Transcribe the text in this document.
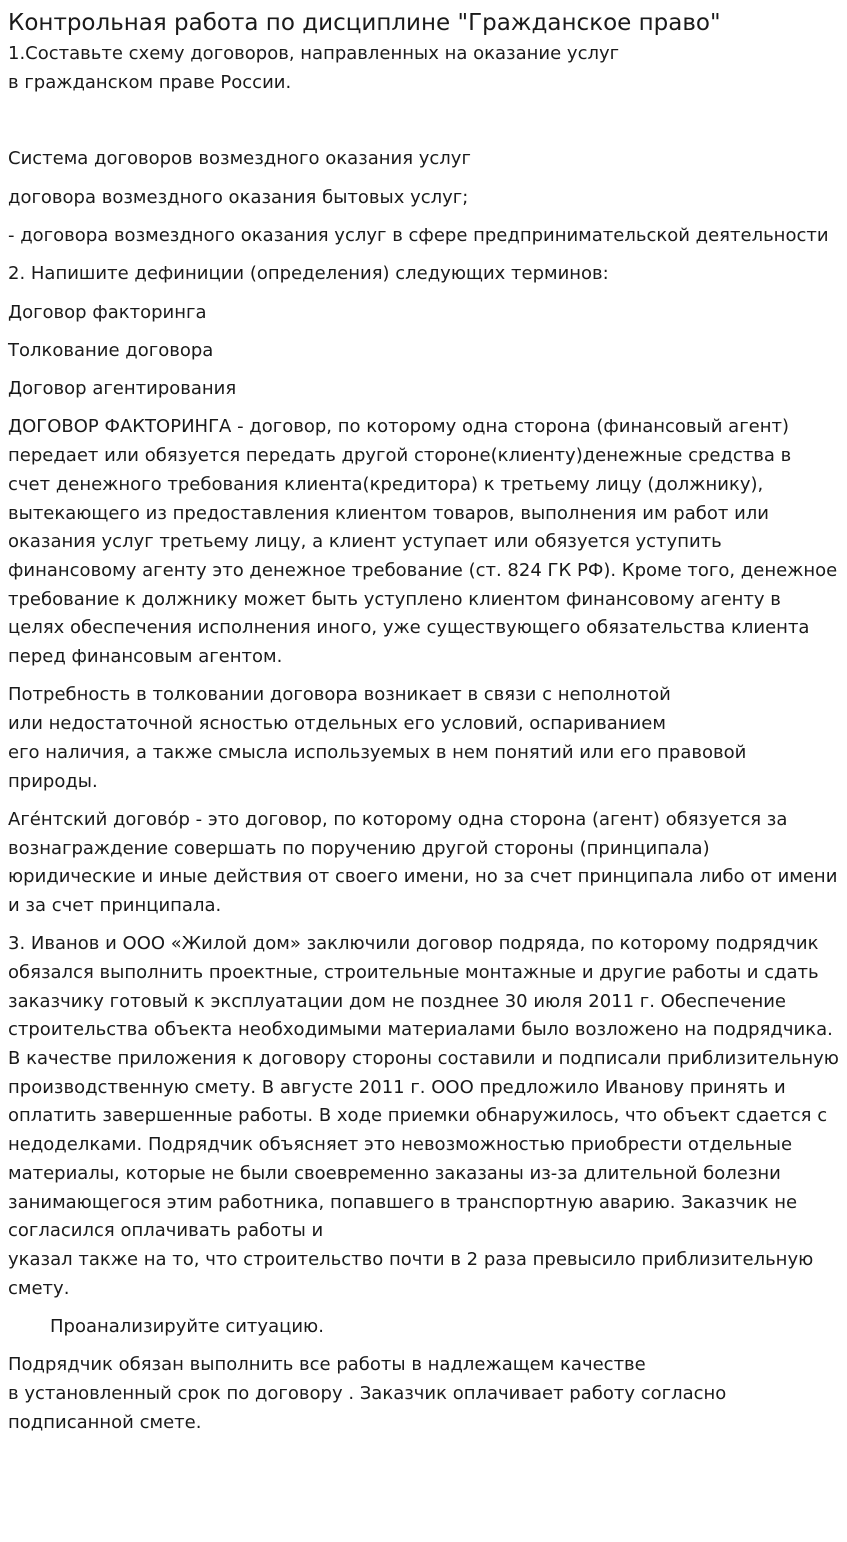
Контрольная работа по дисциплине "Гражданское право"

1.Составьте схему договоров, направленных на оказание услуг
в гражданском праве России.

Система договоров возмездного оказания услуг

договора возмездного оказания бытовых услуг;

- договора возмездного оказания услуг в сфере предпринимательской деятельности

2. Напишите дефиниции (определения) следующих терминов:

Договор факторинга

Толкование договора

Договор агентирования

ДОГОВОР ФАКТОРИНГА - договор, по которому одна сторона (финансовый агент) передает или обязуется передать другой стороне(клиенту)денежные средства в счет денежного требования клиента(кредитора) к третьему лицу (должнику), вытекающего из предоставления клиентом товаров, выполнения им работ или оказания услуг третьему лицу, а клиент уступает или обязуется уступить финансовому агенту это денежное требование (ст. 824 ГК РФ). Кроме того, денежное требование к должнику может быть уступлено клиентом финансовому агенту в целях обеспечения исполнения иного, уже существующего обязательства клиента перед финансовым агентом.

Потребность в толковании договора возникает в связи с неполнотой
или недостаточной ясностью отдельных его условий, оспариванием
его наличия, а также смысла используемых в нем понятий или его правовой природы.

Аге́нтский догово́р - это договор, по которому одна сторона (агент) обязуется за вознаграждение совершать по поручению другой стороны (принципала) юридические и иные действия от своего имени, но за счет принципала либо от имени и за счет принципала.

3. Иванов и ООО «Жилой дом» заключили договор подряда, по которому подрядчик обязался выполнить проектные, строительные монтажные и другие работы и сдать заказчику готовый к эксплуатации дом не позднее 30 июля 2011 г. Обеспечение строительства объекта необходимыми материалами было возложено на подрядчика. В качестве приложения к договору стороны составили и подписали приблизительную производственную смету. В августе 2011 г. ООО предложило Иванову принять и оплатить завершенные работы. В ходе приемки обнаружилось, что объект сдается с недоделками. Подрядчик объясняет это невозможностью приобрести отдельные материалы, которые не были своевременно заказаны из-за длительной болезни занимающегося этим работника, попавшего в транспортную аварию. Заказчик не согласился оплачивать работы и
указал также на то, что строительство почти в 2 раза превысило приблизительную смету.

Проанализируйте ситуацию.

Подрядчик обязан выполнить все работы в надлежащем качестве
в установленный срок по договору . Заказчик оплачивает работу согласно подписанной смете.
